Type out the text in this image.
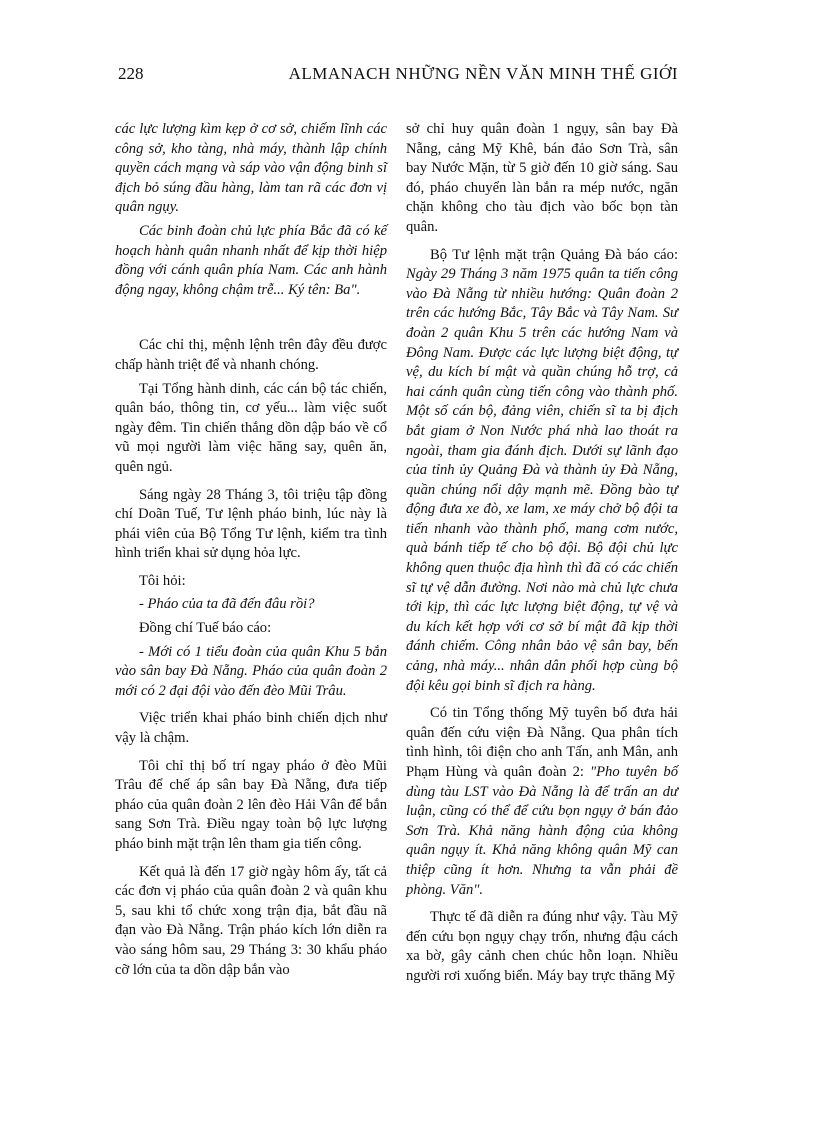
228	ALMANACH NHỮNG NỀN VĂN MINH THẾ GIỚI

các lực lượng kìm kẹp ở cơ sở, chiếm lĩnh các công sở, kho tàng, nhà máy, thành lập chính quyền cách mạng và sáp vào vận động binh sĩ địch bỏ súng đầu hàng, làm tan rã các đơn vị quân ngụy.

Các binh đoàn chủ lực phía Bắc đã có kế hoạch hành quân nhanh nhất để kịp thời hiệp đồng với cánh quân phía Nam. Các anh hành động ngay, không chậm trễ... Ký tên: Ba".

Các chỉ thị, mệnh lệnh trên đây đều được chấp hành triệt để và nhanh chóng.

Tại Tổng hành dinh, các cán bộ tác chiến, quân báo, thông tin, cơ yếu... làm việc suốt ngày đêm. Tin chiến thắng dồn dập báo về cổ vũ mọi người làm việc hăng say, quên ăn, quên ngủ.

Sáng ngày 28 Tháng 3, tôi triệu tập đồng chí Doãn Tuế, Tư lệnh pháo binh, lúc này là phái viên của Bộ Tổng Tư lệnh, kiểm tra tình hình triển khai sử dụng hỏa lực.

Tôi hỏi:

- Pháo của ta đã đến đâu rồi?

Đồng chí Tuế báo cáo:

- Mới có 1 tiểu đoàn của quân Khu 5 bắn vào sân bay Đà Nẵng. Pháo của quân đoàn 2 mới có 2 đại đội vào đến đèo Mũi Trâu.

Việc triển khai pháo binh chiến dịch như vậy là chậm.

Tôi chỉ thị bố trí ngay pháo ở đèo Mũi Trâu để chế áp sân bay Đà Nẵng, đưa tiếp pháo của quân đoàn 2 lên đèo Hải Vân để bắn sang Sơn Trà. Điều ngay toàn bộ lực lượng pháo binh mặt trận lên tham gia tiến công.

Kết quả là đến 17 giờ ngày hôm ấy, tất cả các đơn vị pháo của quân đoàn 2 và quân khu 5, sau khi tổ chức xong trận địa, bắt đầu nã đạn vào Đà Nẵng. Trận pháo kích lớn diễn ra vào sáng hôm sau, 29 Tháng 3: 30 khẩu pháo cỡ lớn của ta dồn dập bắn vào

sở chỉ huy quân đoàn 1 ngụy, sân bay Đà Nẵng, cảng Mỹ Khê, bán đảo Sơn Trà, sân bay Nước Mặn, từ 5 giờ đến 10 giờ sáng. Sau đó, pháo chuyển làn bắn ra mép nước, ngăn chặn không cho tàu địch vào bốc bọn tàn quân.

Bộ Tư lệnh mặt trận Quảng Đà báo cáo: Ngày 29 Tháng 3 năm 1975 quân ta tiến công vào Đà Nẵng từ nhiều hướng: Quân đoàn 2 trên các hướng Bắc, Tây Bắc và Tây Nam. Sư đoàn 2 quân Khu 5 trên các hướng Nam và Đông Nam. Được các lực lượng biệt động, tự vệ, du kích bí mật và quần chúng hỗ trợ, cả hai cánh quân cùng tiến công vào thành phố. Một số cán bộ, đảng viên, chiến sĩ ta bị địch bắt giam ở Non Nước phá nhà lao thoát ra ngoài, tham gia đánh địch. Dưới sự lãnh đạo của tỉnh ủy Quảng Đà và thành ủy Đà Nẵng, quần chúng nổi dậy mạnh mẽ. Đồng bào tự động đưa xe đò, xe lam, xe máy chở bộ đội ta tiến nhanh vào thành phố, mang cơm nước, quà bánh tiếp tế cho bộ đội. Bộ đội chủ lực không quen thuộc địa hình thì đã có các chiến sĩ tự vệ dẫn đường. Nơi nào mà chủ lực chưa tới kịp, thì các lực lượng biệt động, tự vệ và du kích kết hợp với cơ sở bí mật đã kịp thời đánh chiếm. Công nhân bảo vệ sân bay, bến cảng, nhà máy... nhân dân phối hợp cùng bộ đội kêu gọi binh sĩ địch ra hàng.

Có tin Tổng thống Mỹ tuyên bố đưa hải quân đến cứu viện Đà Nẵng. Qua phân tích tình hình, tôi điện cho anh Tấn, anh Mân, anh Phạm Hùng và quân đoàn 2: "Pho tuyên bố dùng tàu LST vào Đà Nẵng là để trấn an dư luận, cũng có thể để cứu bọn ngụy ở bán đảo Sơn Trà. Khả năng hành động của không quân ngụy ít. Khả năng không quân Mỹ can thiệp cũng ít hơn. Nhưng ta vẫn phải đề phòng. Văn".

Thực tế đã diễn ra đúng như vậy. Tàu Mỹ đến cứu bọn ngụy chạy trốn, nhưng đậu cách xa bờ, gây cảnh chen chúc hỗn loạn. Nhiều người rơi xuống biển. Máy bay trực thăng Mỹ
